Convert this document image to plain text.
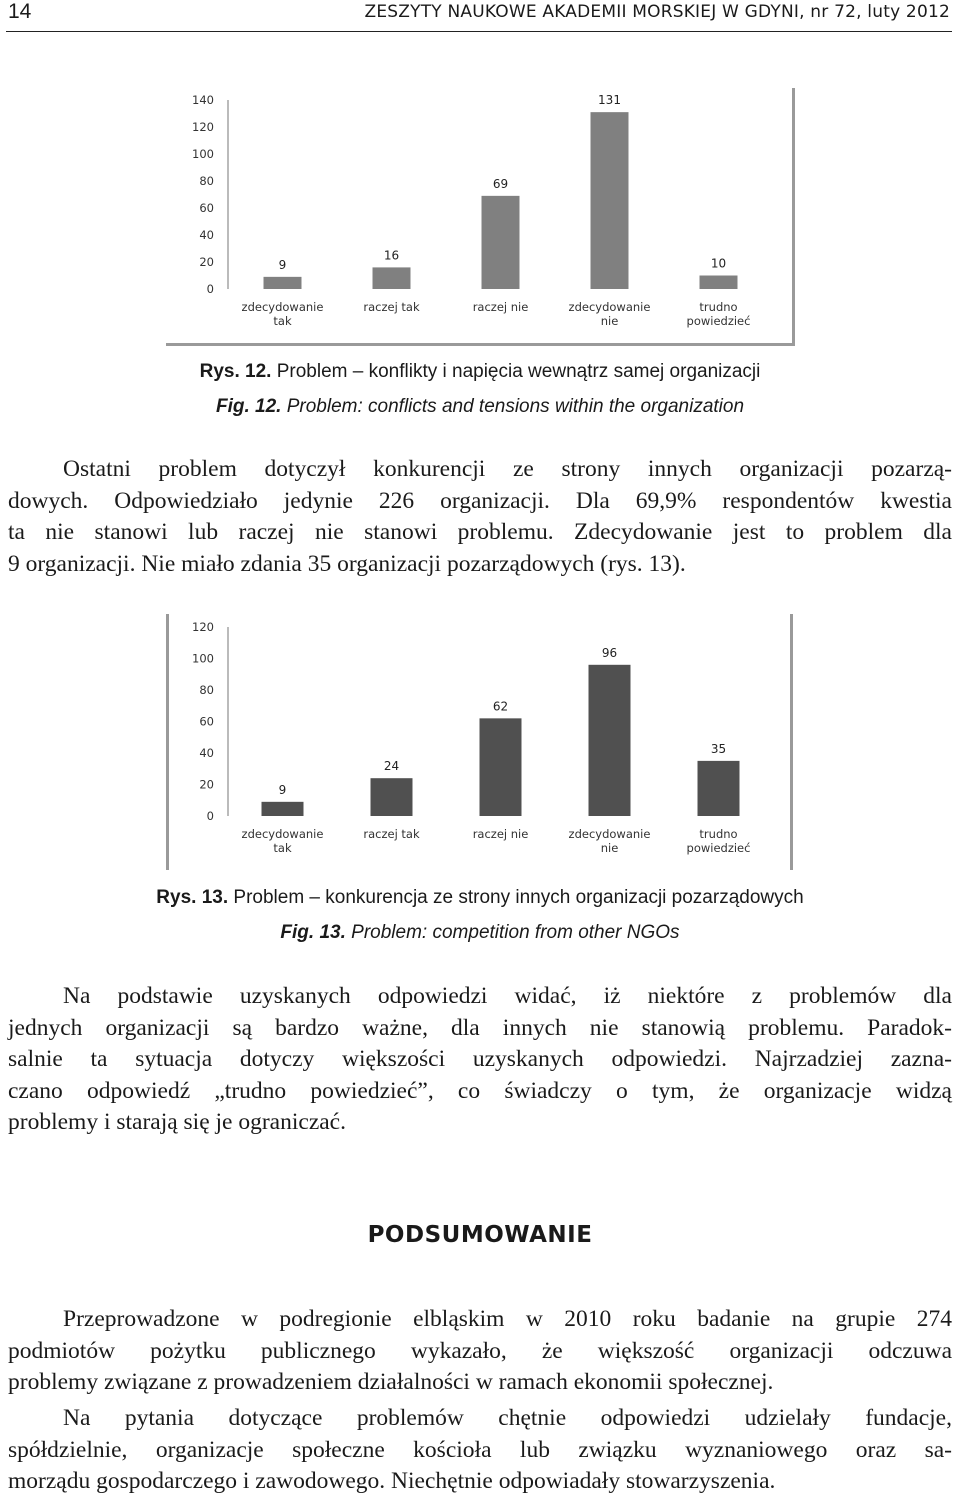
14	ZESZYTY NAUKOWE AKADEMII MORSKIEJ W GDYNI, nr 72, luty 2012
0
20
40
60
80
100
120
140
9
zdecydowanie
tak
16
raczej tak
69
raczej nie
131
zdecydowanie
nie
10
trudno
powiedzieć
Rys. 12. Problem – konflikty i napięcia wewnątrz samej organizacji
Fig. 12. Problem: conflicts and tensions within the organization

Ostatni problem dotyczył konkurencji ze strony innych organizacji pozarzą-
dowych. Odpowiedziało jedynie 226 organizacji. Dla 69,9% respondentów kwestia
ta nie stanowi lub raczej nie stanowi problemu. Zdecydowanie jest to problem dla
9 organizacji. Nie miało zdania 35 organizacji pozarządowych (rys. 13).

0
20
40
60
80
100
120
9
zdecydowanie
tak
24
raczej tak
62
raczej nie
96
zdecydowanie
nie
35
trudno
powiedzieć
Rys. 13. Problem – konkurencja ze strony innych organizacji pozarządowych
Fig. 13. Problem: competition from other NGOs

Na podstawie uzyskanych odpowiedzi widać, iż niektóre z problemów dla
jednych organizacji są bardzo ważne, dla innych nie stanowią problemu. Paradok-
salnie ta sytuacja dotyczy większości uzyskanych odpowiedzi. Najrzadziej zazna-
czano odpowiedź „trudno powiedzieć”, co świadczy o tym, że organizacje widzą
problemy i starają się je ograniczać.

PODSUMOWANIE

Przeprowadzone w podregionie elbląskim w 2010 roku badanie na grupie 274
podmiotów pożytku publicznego wykazało, że większość organizacji odczuwa
problemy związane z prowadzeniem działalności w ramach ekonomii społecznej.

Na pytania dotyczące problemów chętnie odpowiedzi udzielały fundacje,
spółdzielnie, organizacje społeczne kościoła lub związku wyznaniowego oraz sa-
morządu gospodarczego i zawodowego. Niechętnie odpowiadały stowarzyszenia.
